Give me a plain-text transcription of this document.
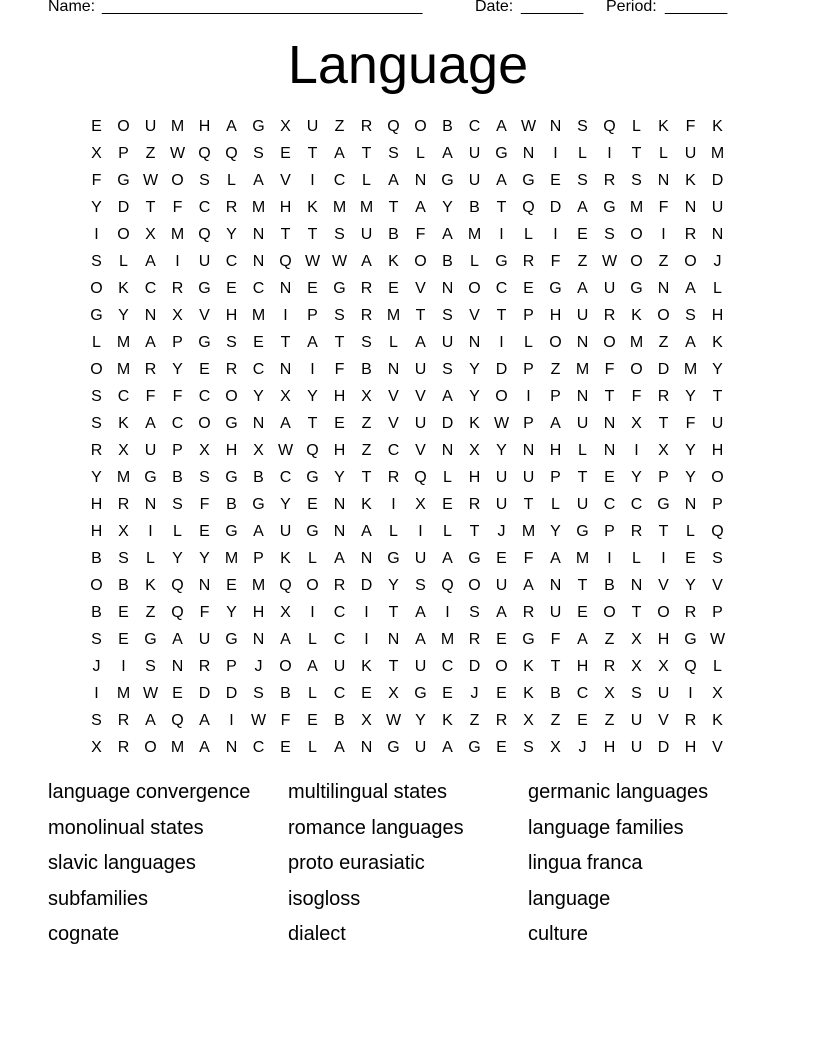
Name: ____________________________________	Date: _______ Period: _______
Language
E O U M H A G X U	Z	R Q O B C A W N S Q	L	K	F	K
X	P	Z W Q Q S	E	T	A	T	S	L	A U G N	I	L	I	T	L	U M
F G W O S	L	A	V	I	C	L	A N G U A G E	S R S N K D
Y D	T	F	C R M H K M M T	A	Y	B	T Q D A G M F	N U
I	O X M Q Y N	T	T	S U B	F	A M	I	L	I	E	S O	I	R N
S	L	A	I	U C N Q W W A	K O B	L	G R	F	Z W O Z O	J
O K C R G E C N E G R E	V N O C E G A U G N A	L
G Y N X	V H M	I	P	S R M T	S	V	T	P H U R K O S H
L M A	P G S	E	T	A	T	S	L	A U N	I	L	O N O M Z	A	K
O M R Y	E R C N	I	F	B N U S	Y D P	Z M F O D M Y
S C	F	F	C O Y	X	Y H X	V	V	A	Y O	I	P N	T	F	R Y	T
S	K	A C O G N A	T	E	Z	V U D K W P	A U N X	T	F	U
R X U P	X H X W Q H	Z	C V N X	Y N H	L	N	I	X	Y H
Y M G B	S G B C G Y	T	R Q	L	H U U P	T	E	Y	P	Y O
H R N S	F	B G Y	E N K	I	X	E R U	T	L	U C C G N P
H X	I	L	E G A U G N A	L	I	L	T	J	M Y G P R	T	L	Q
B	S	L	Y	Y M P	K	L	A N G U A G E	F	A M	I	L	I	E	S
O B	K Q N E M Q O R D Y	S Q O U A N	T	B N V	Y	V
B	E	Z Q F	Y H X	I	C	I	T	A	I	S	A R U E O T O R P
S	E G A U G N A	L	C	I	N A M R E G F	A	Z	X H G W
J	I	S N R P	J	O A U K	T	U C D O K	T	H R X	X Q	L
I	M W E D D S	B	L	C E	X G E	J	E	K	B C X	S U	I	X
S R A Q A	I	W F	E	B	X W Y	K	Z	R X	Z	E	Z	U V R K
X R O M A N C E	L	A N G U A G E	S	X	J	H U D H V
language convergence	multilingual states	germanic languages
monolinual states	romance languages	language families
slavic languages	proto eurasiatic	lingua franca
subfamilies	isogloss	language
cognate	dialect	culture
